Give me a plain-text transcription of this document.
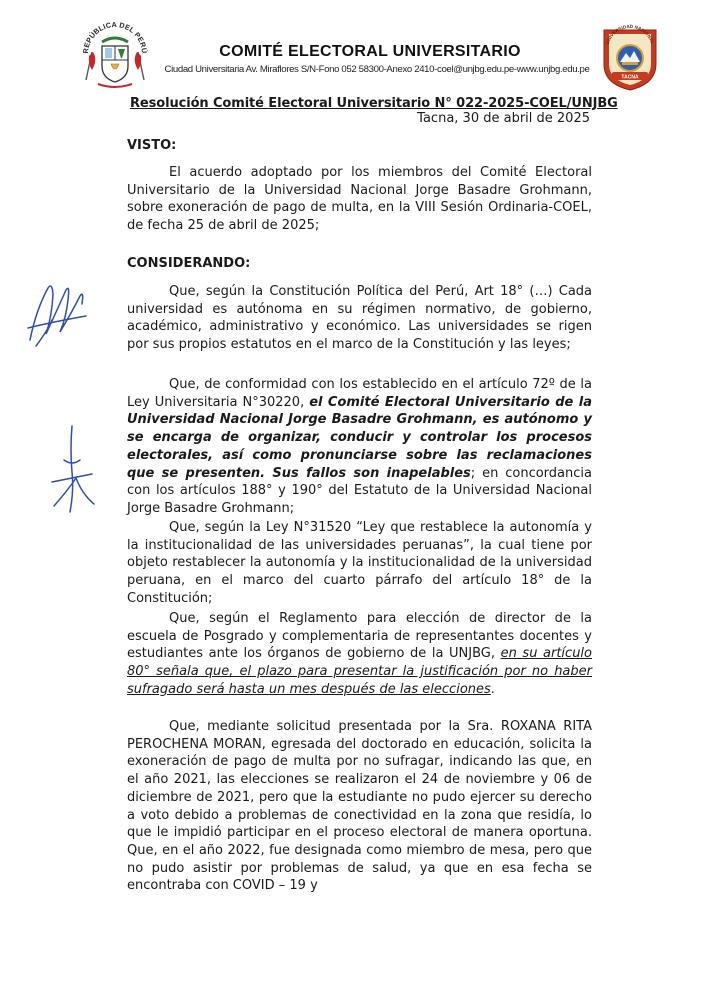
REPÚBLICA DEL PERÚ	COMITÉ ELECTORAL UNIVERSITARIO
Ciudad Universitaria Av. Miraflores S/N-Fono 052 58300-Anexo 2410-coel@unjbg.edu.pe-www.unjbg.edu.pe
UNIVERSIDAD NACIONAL
TACNA
Resolución Comité Electoral Universitario N° 022-2025-COEL/UNJBG
Tacna, 30 de abril de 2025
VISTO:

El acuerdo adoptado por los miembros del Comité Electoral Universitario de la Universidad Nacional Jorge Basadre Grohmann, sobre exoneración de pago de multa, en la VIII Sesión Ordinaria-COEL, de fecha 25 de abril de 2025;

CONSIDERANDO:

Que, según la Constitución Política del Perú, Art 18° (…) Cada universidad es autónoma en su régimen normativo, de gobierno, académico, administrativo y económico. Las universidades se rigen por sus propios estatutos en el marco de la Constitución y las leyes;

Que, de conformidad con los establecido en el artículo 72º de la Ley Universitaria N°30220, el Comité Electoral Universitario de la Universidad Nacional Jorge Basadre Grohmann, es autónomo y se encarga de organizar, conducir y controlar los procesos electorales, así como pronunciarse sobre las reclamaciones que se presenten. Sus fallos son inapelables; en concordancia con los artículos 188° y 190° del Estatuto de la Universidad Nacional Jorge Basadre Grohmann;

Que, según la Ley N°31520 “Ley que restablece la autonomía y la institucionalidad de las universidades peruanas”, la cual tiene por objeto restablecer la autonomía y la institucionalidad de la universidad peruana, en el marco del cuarto párrafo del artículo 18° de la Constitución;

Que, según el Reglamento para elección de director de la escuela de Posgrado y complementaria de representantes docentes y estudiantes ante los órganos de gobierno de la UNJBG, en su artículo 80° señala que, el plazo para presentar la justificación por no haber sufragado será hasta un mes después de las elecciones.

Que, mediante solicitud presentada por la Sra. ROXANA RITA PEROCHENA MORAN, egresada del doctorado en educación, solicita la exoneración de pago de multa por no sufragar, indicando las que, en el año 2021, las elecciones se realizaron el 24 de noviembre y 06 de diciembre de 2021, pero que la estudiante no pudo ejercer su derecho a voto debido a problemas de conectividad en la zona que residía, lo que le impidió participar en el proceso electoral de manera oportuna. Que, en el año 2022, fue designada como miembro de mesa, pero que no pudo asistir por problemas de salud, ya que en esa fecha se encontraba con COVID – 19 y
